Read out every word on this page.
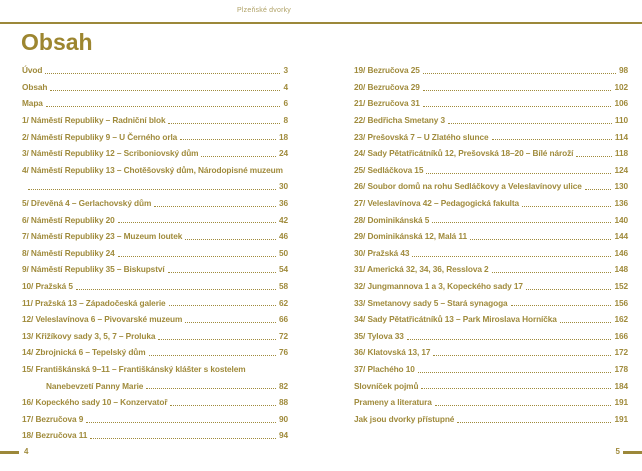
Plzeňské dvorky
Obsah
Úvod	3
Obsah	4
Mapa	6
1/ Náměstí Republiky – Radniční blok	8
2/ Náměstí Republiky 9 – U Černého orla	18
3/ Náměstí Republiky 12 – Scriboniovský dům	24
4/ Náměstí Republiky 13 – Chotěšovský dům, Národopisné muzeum
30
5/ Dřevěná 4 – Gerlachovský dům	36
6/ Náměstí Republiky 20	42
7/ Náměstí Republiky 23 – Muzeum loutek	46
8/ Náměstí Republiky 24	50
9/ Náměstí Republiky 35 – Biskupství	54
10/ Pražská 5	58
11/ Pražská 13 – Západočeská galerie	62
12/ Veleslavínova 6 – Pivovarské muzeum	66
13/ Křižíkovy sady 3, 5, 7 – Proluka	72
14/ Zbrojnická 6 – Tepelský dům	76
15/ Františkánská 9–11 – Františkánský klášter s kostelem
Nanebevzetí Panny Marie	82
16/ Kopeckého sady 10 – Konzervatoř	88
17/ Bezručova 9	90
18/ Bezručova 11	94
19/ Bezručova 25	98
20/ Bezručova 29	102
21/ Bezručova 31	106
22/ Bedřicha Smetany 3	110
23/ Prešovská 7 – U Zlatého slunce	114
24/ Sady Pětatřicátníků 12, Prešovská 18–20 – Bílé nároží	118
25/ Sedláčkova 15	124
26/ Soubor domů na rohu Sedláčkovy a Veleslavínovy ulice	130
27/ Veleslavínova 42 – Pedagogická fakulta	136
28/ Dominikánská 5	140
29/ Dominikánská 12, Malá 11	144
30/ Pražská 43	146
31/ Americká 32, 34, 36, Resslova 2	148
32/ Jungmannova 1 a 3, Kopeckého sady 17	152
33/ Smetanovy sady 5 – Stará synagoga	156
34/ Sady Pětatřicátníků 13 – Park Miroslava Horníčka	162
35/ Tylova 33	166
36/ Klatovská 13, 17	172
37/ Plachého 10	178
Slovníček pojmů	184
Prameny a literatura	191
Jak jsou dvorky přístupné	191
4	5
